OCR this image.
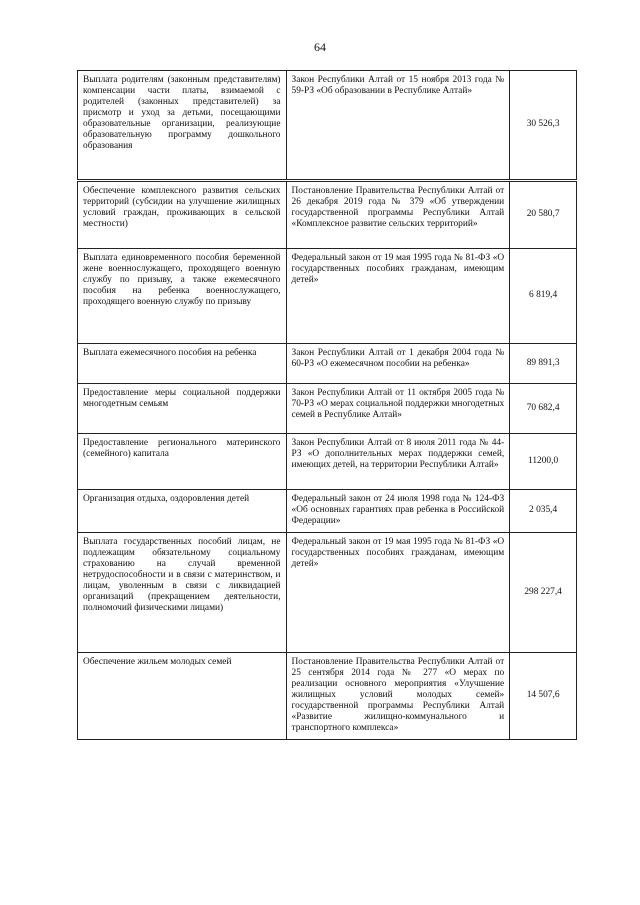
64
Выплата родителям (законным представителям) компенсации части платы, взимаемой с родителей (законных представителей) за присмотр и уход за детьми, посещающими образовательные организации, реализующие образовательную программу дошкольного образования	Закон Республики Алтай от 15 ноября 2013 года № 59-РЗ «Об образовании в Республике Алтай»	30 526,3
Обеспечение комплексного развития сельских территорий (субсидии на улучшение жилищных условий граждан, проживающих в сельской местности)	Постановление Правительства Республики Алтай от 26 декабря 2019 года № 379 «Об утверждении государственной программы Республики Алтай «Комплексное развитие сельских территорий»	20 580,7
Выплата единовременного пособия беременной жене военнослужащего, проходящего военную службу по призыву, а также ежемесячного пособия на ребенка военнослужащего, проходящего военную службу по призыву	Федеральный закон от 19 мая 1995 года № 81-ФЗ «О государственных пособиях гражданам, имеющим детей»	6 819,4
Выплата ежемесячного пособия на ребенка	Закон Республики Алтай от 1 декабря 2004 года № 60-РЗ «О ежемесячном пособии на ребенка»	89 891,3
Предоставление меры социальной поддержки многодетным семьям	Закон Республики Алтай от 11 октября 2005 года № 70-РЗ «О мерах социальной поддержки многодетных семей в Республике Алтай»	70 682,4
Предоставление регионального материнского (семейного) капитала	Закон Республики Алтай от 8 июля 2011 года № 44-РЗ «О дополнительных мерах поддержки семей, имеющих детей, на территории Республики Алтай»	11200,0
Организация отдыха, оздоровления детей	Федеральный закон от 24 июля 1998 года № 124-ФЗ «Об основных гарантиях прав ребенка в Российской Федерации»	2 035,4
Выплата государственных пособий лицам, не подлежащим обязательному социальному страхованию на случай временной нетрудоспособности и в связи с материнством, и лицам, уволенным в связи с ликвидацией организаций (прекращением деятельности, полномочий физическими лицами)	Федеральный закон от 19 мая 1995 года № 81-ФЗ «О государственных пособиях гражданам, имеющим детей»	298 227,4
Обеспечение жильем молодых семей	Постановление Правительства Республики Алтай от 25 сентября 2014 года № 277 «О мерах по реализации основного мероприятия «Улучшение жилищных условий молодых семей» государственной программы Республики Алтай «Развитие жилищно-коммунального и транспортного комплекса»	14 507,6
